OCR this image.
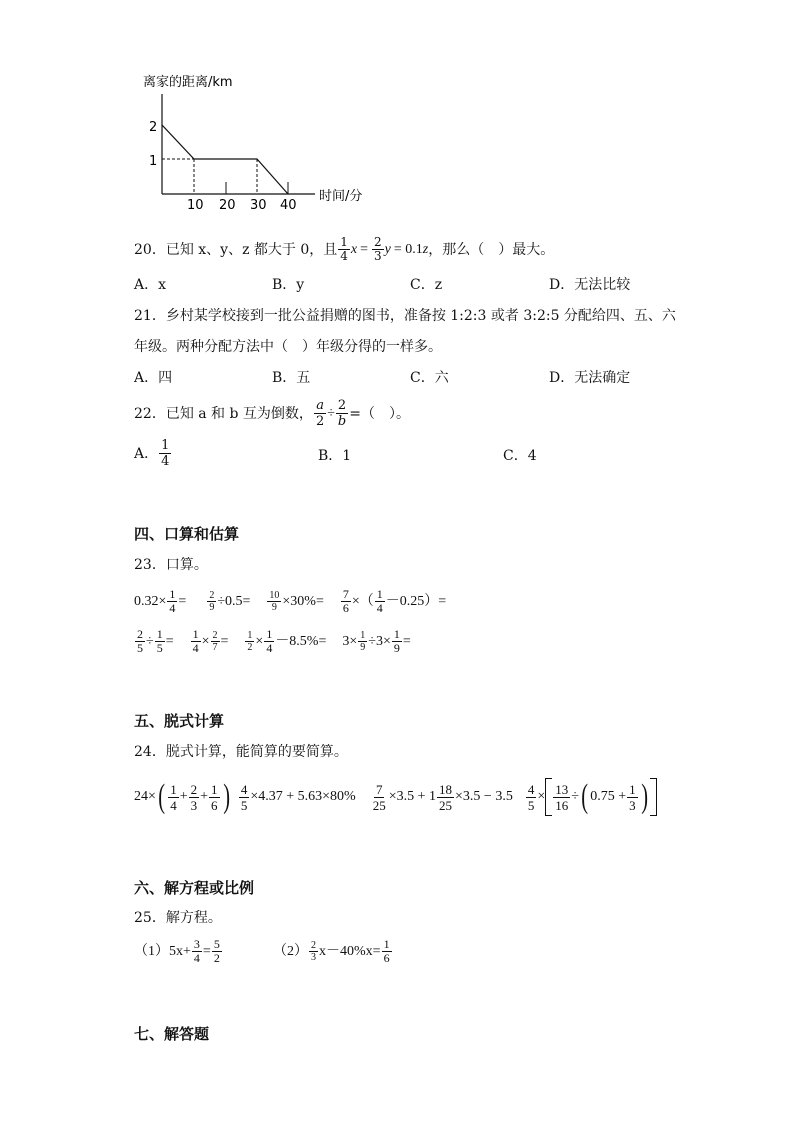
离家的距离/km
2
1
10 20 30 40
时间/分
20．已知 x、y、z 都大于 0，且 $\frac{1}{4}$ $x = \frac{2}{3}$ y = 0.1 z ，那么（　）最大。
A．x	B．y	C．z	D．无法比较
21．乡村某学校接到一批公益捐赠的图书，准备按 1:2:3 或者 3:2:5 分配给四、五、六
年级。两种分配方法中（　）年级分得的一样多。
A．四	B．五	C．六	D．无法确定
22．已知 a 和 b 互为倒数， $\frac{a}{2} \div \frac{2}{b}$ =（　）。
A． $\frac{1}{4}$	B．1	C．4
四、口算和估算
23．口算。
$0.32\times \frac{1}{4} = \frac{2}{9} \div 0.5= \frac{10}{9} \times 30\%= \frac{7}{6}$ ×（ $\frac{1}{4} -0.25)=$
$\frac{2}{5} \div \frac{1}{5} = \frac{1}{4} \times \frac{2}{7} = \frac{1}{2} \times \frac{1}{4} -8.5\%= 3\times \frac{1}{9} \div 3\times \frac{1}{9}$ =
五、脱式计算
24．脱式计算，能简算的要简算。
24× ( $\frac{1}{4} + \frac{2}{3} + \frac{1}{6}$ ) $\frac{4}{5} \times 4.37 + 5.63\times 80\% \frac{7}{25} \times 3.5 + 1 \frac{18}{25} \times 3.5 - 3.5 \frac{4}{5} \times \frac{13}{16}$ ÷ ( $0.75 + \frac{1}{3}$ )
六、解方程或比例
25．解方程。
$(1)5x+ \frac{3}{4} = \frac{5}{2}$	$(2) \frac{2}{3} x-40\%x= \frac{1}{6}$
七、解答题
